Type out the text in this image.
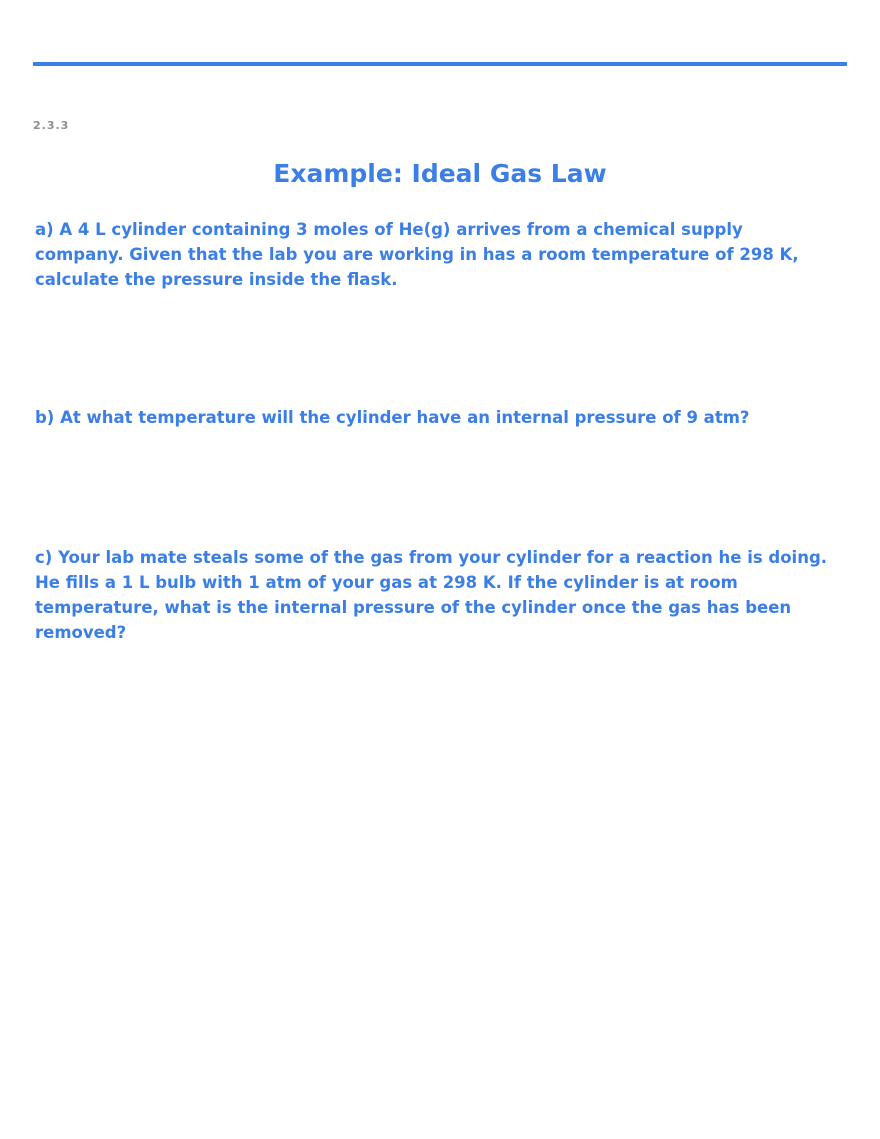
2.3.3
Example: Ideal Gas Law

a) A 4 L cylinder containing 3 moles of He(g) arrives from a chemical supply company. Given that the lab you are working in has a room temperature of 298 K, calculate the pressure inside the flask.

b) At what temperature will the cylinder have an internal pressure of 9 atm?

c) Your lab mate steals some of the gas from your cylinder for a reaction he is doing. He fills a 1 L bulb with 1 atm of your gas at 298 K. If the cylinder is at room temperature, what is the internal pressure of the cylinder once the gas has been removed?
